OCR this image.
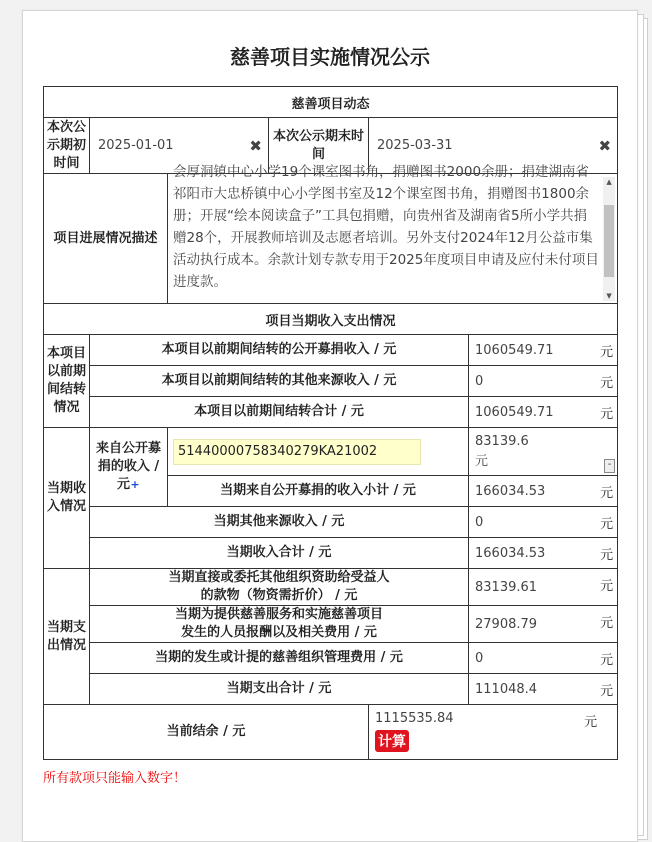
慈善项目实施情况公示
慈善项目动态					
本次公示期初时间	2025-01-01 ✖		本次公示期末时间	2025-03-31 ✖	

项目进展情况描述		会厚洞镇中心小学19个课室图书角，捐赠图书2000余册；捐建湖南省祁阳市大忠桥镇中心小学图书室及12个课室图书角，捐赠图书1800余册；开展“绘本阅读盒子”工具包捐赠，向贵州省及湖南省5所小学共捐赠28个，开展教师培训及志愿者培训。另外支付2024年12月公益市集活动执行成本。余款计划专款专用于2025年度项目申请及应付未付项目进度款。
▲
▼			

项目当期收入支出情况					
本项目以前期间结转情况	本项目以前期间结转的公开募捐收入 / 元				1060549.71 元

	本项目以前期间结转的其他来源收入 / 元				0 元

	本项目以前期间结转合计 / 元				1060549.71 元

当期收入情况	来自公开募捐的收入 / 元+	51440000758340279KA21002			83139.6
元 -

		当期来自公开募捐的收入小计 / 元			166034.53 元

	当期其他来源收入 / 元				0 元

	当期收入合计 / 元				166034.53 元

当期支出情况	当期直接或委托其他组织资助给受益人
的款物（物资需折价） / 元				83139.61 元

	当期为提供慈善服务和实施慈善项目
发生的人员报酬以及相关费用 / 元				27908.79 元

	当期的发生或计提的慈善组织管理费用 / 元				0 元

	当期支出合计 / 元				111048.4 元

当前结余 / 元				1115535.84 元

计算	
所有款项只能输入数字！
